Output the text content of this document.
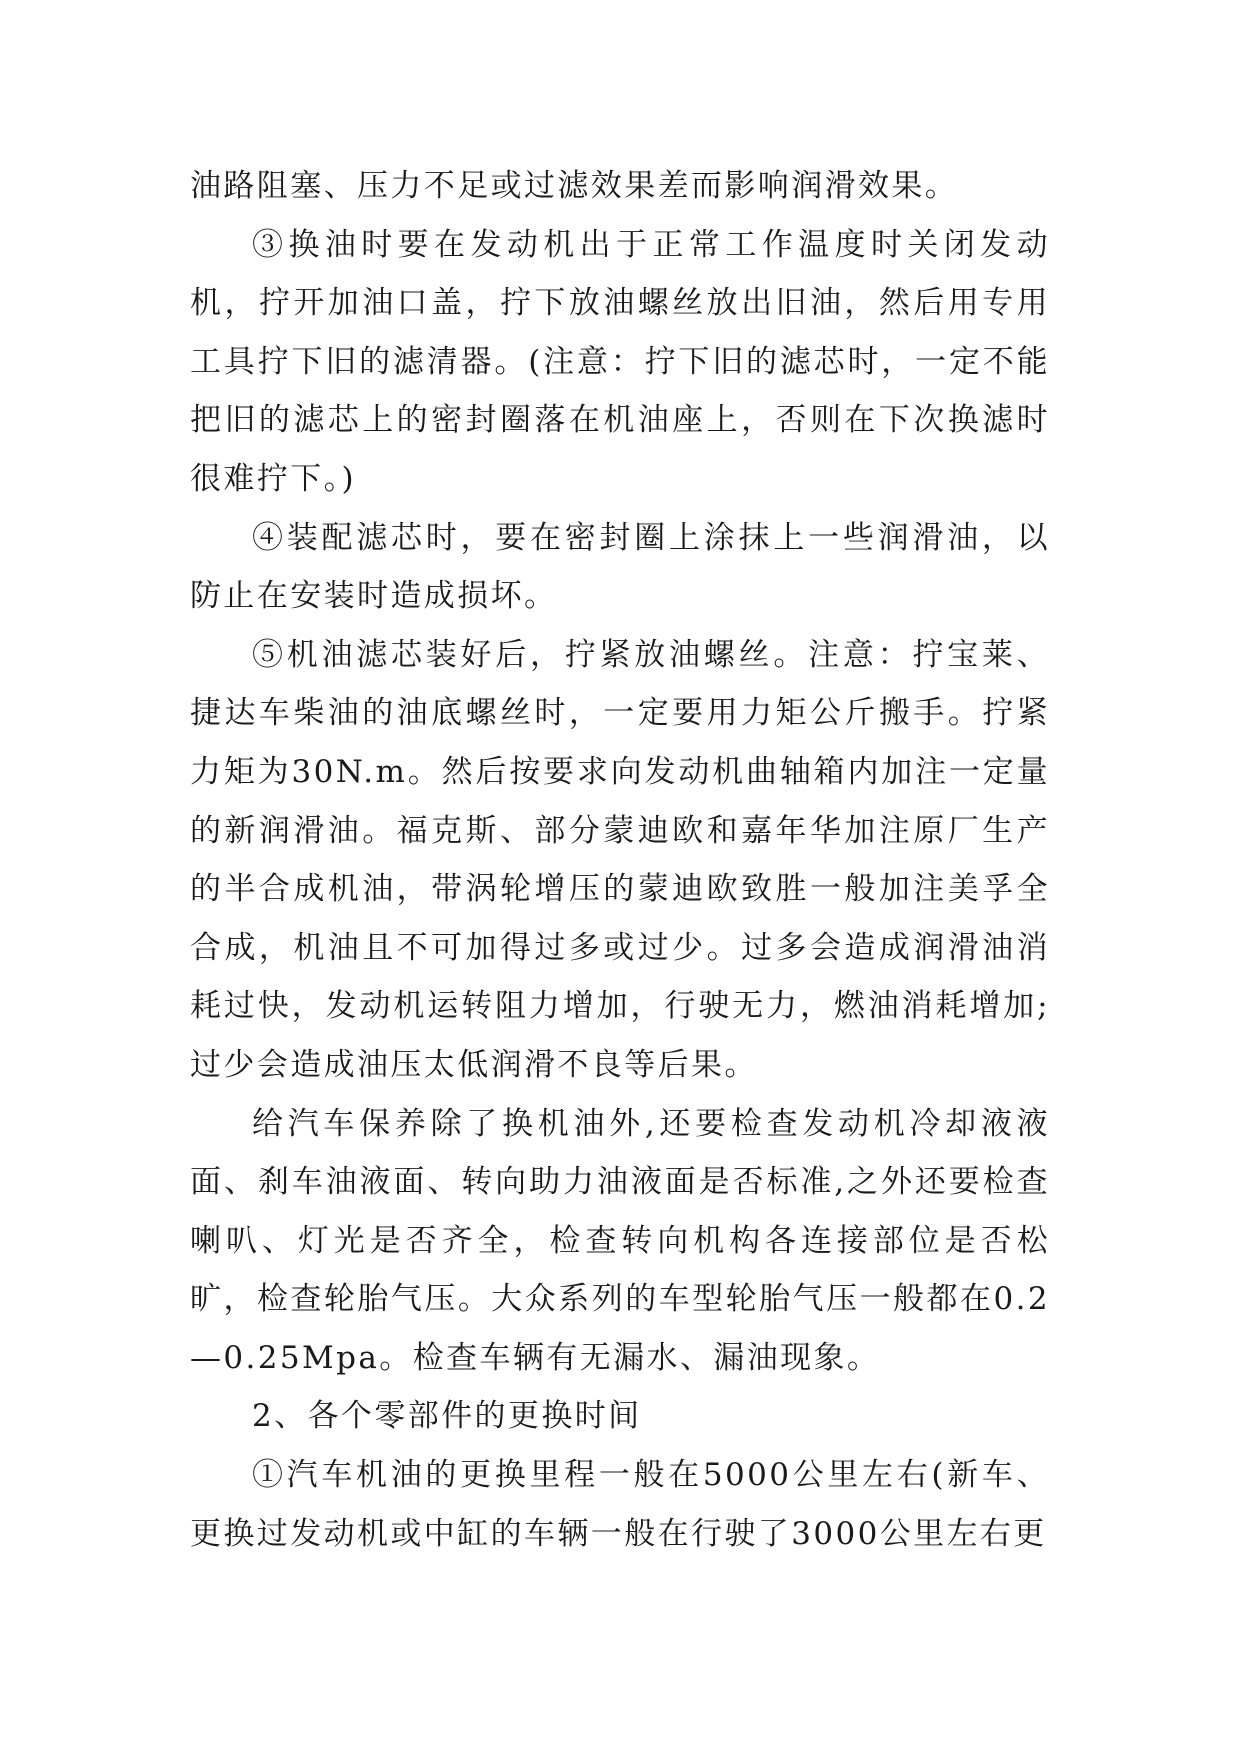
油路阻塞、压力不足或过滤效果差而影响润滑效果。

③换油时要在发动机出于正常工作温度时关闭发动机，拧开加油口盖，拧下放油螺丝放出旧油，然后用专用工具拧下旧的滤清器。(注意：拧下旧的滤芯时，一定不能把旧的滤芯上的密封圈落在机油座上，否则在下次换滤时很难拧下。)

④装配滤芯时，要在密封圈上涂抹上一些润滑油，以防止在安装时造成损坏。

⑤机油滤芯装好后，拧紧放油螺丝。注意：拧宝莱、捷达车柴油的油底螺丝时，一定要用力矩公斤搬手。拧紧力矩为30N.m。然后按要求向发动机曲轴箱内加注一定量的新润滑油。福克斯、部分蒙迪欧和嘉年华加注原厂生产的半合成机油，带涡轮增压的蒙迪欧致胜一般加注美孚全合成，机油且不可加得过多或过少。过多会造成润滑油消耗过快，发动机运转阻力增加，行驶无力，燃油消耗增加;过少会造成油压太低润滑不良等后果。

给汽车保养除了换机油外,还要检查发动机冷却液液面、刹车油液面、转向助力油液面是否标准,之外还要检查喇叭、灯光是否齐全，检查转向机构各连接部位是否松旷，检查轮胎气压。大众系列的车型轮胎气压一般都在0.2—0.25Mpa。检查车辆有无漏水、漏油现象。

2、各个零部件的更换时间

①汽车机油的更换里程一般在5000公里左右(新车、更换过发动机或中缸的车辆一般在行驶了3000公里左右更
